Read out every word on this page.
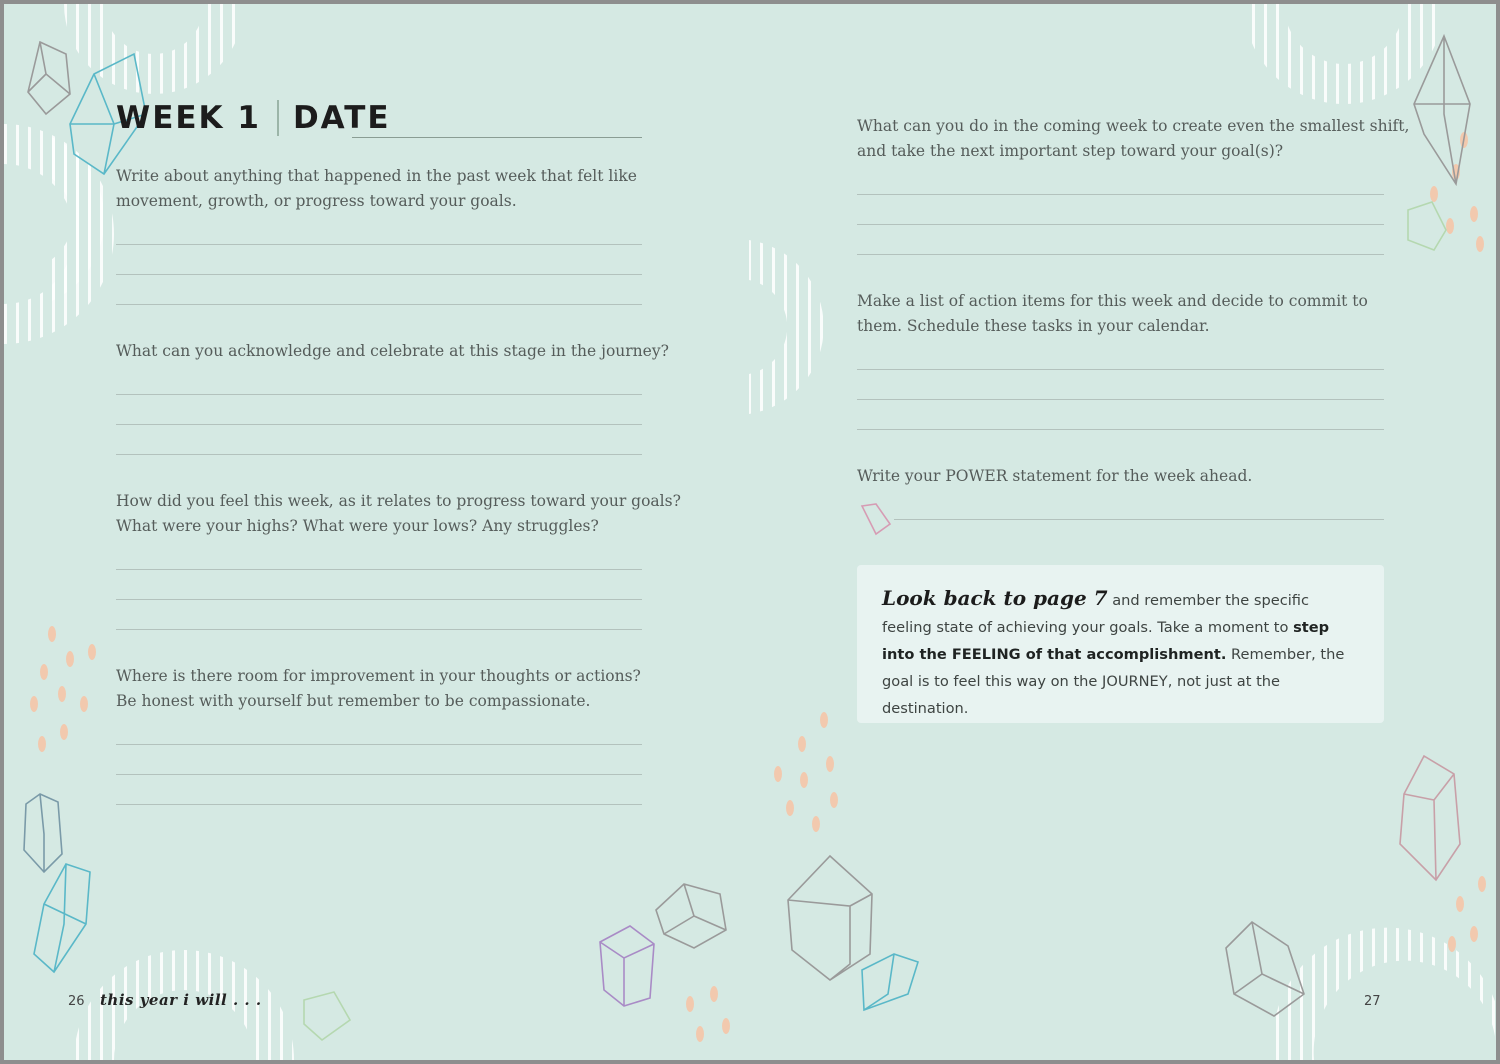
WEEK 1 DATE
Write about anything that happened in the past week that felt like
movement, growth, or progress toward your goals.
What can you acknowledge and celebrate at this stage in the journey?
How did you feel this week, as it relates to progress toward your goals?
What were your highs? What were your lows? Any struggles?
Where is there room for improvement in your thoughts or actions?
Be honest with yourself but remember to be compassionate.
What can you do in the coming week to create even the smallest shift,
and take the next important step toward your goal(s)?
Make a list of action items for this week and decide to commit to
them. Schedule these tasks in your calendar.
Write your POWER statement for the week ahead.
Look back to page 7 and remember the specific feeling state of achieving your goals. Take a moment to step into the FEELING of that accomplishment. Remember, the goal is to feel this way on the JOURNEY, not just at the destination.
26 this year i will . . .	27
